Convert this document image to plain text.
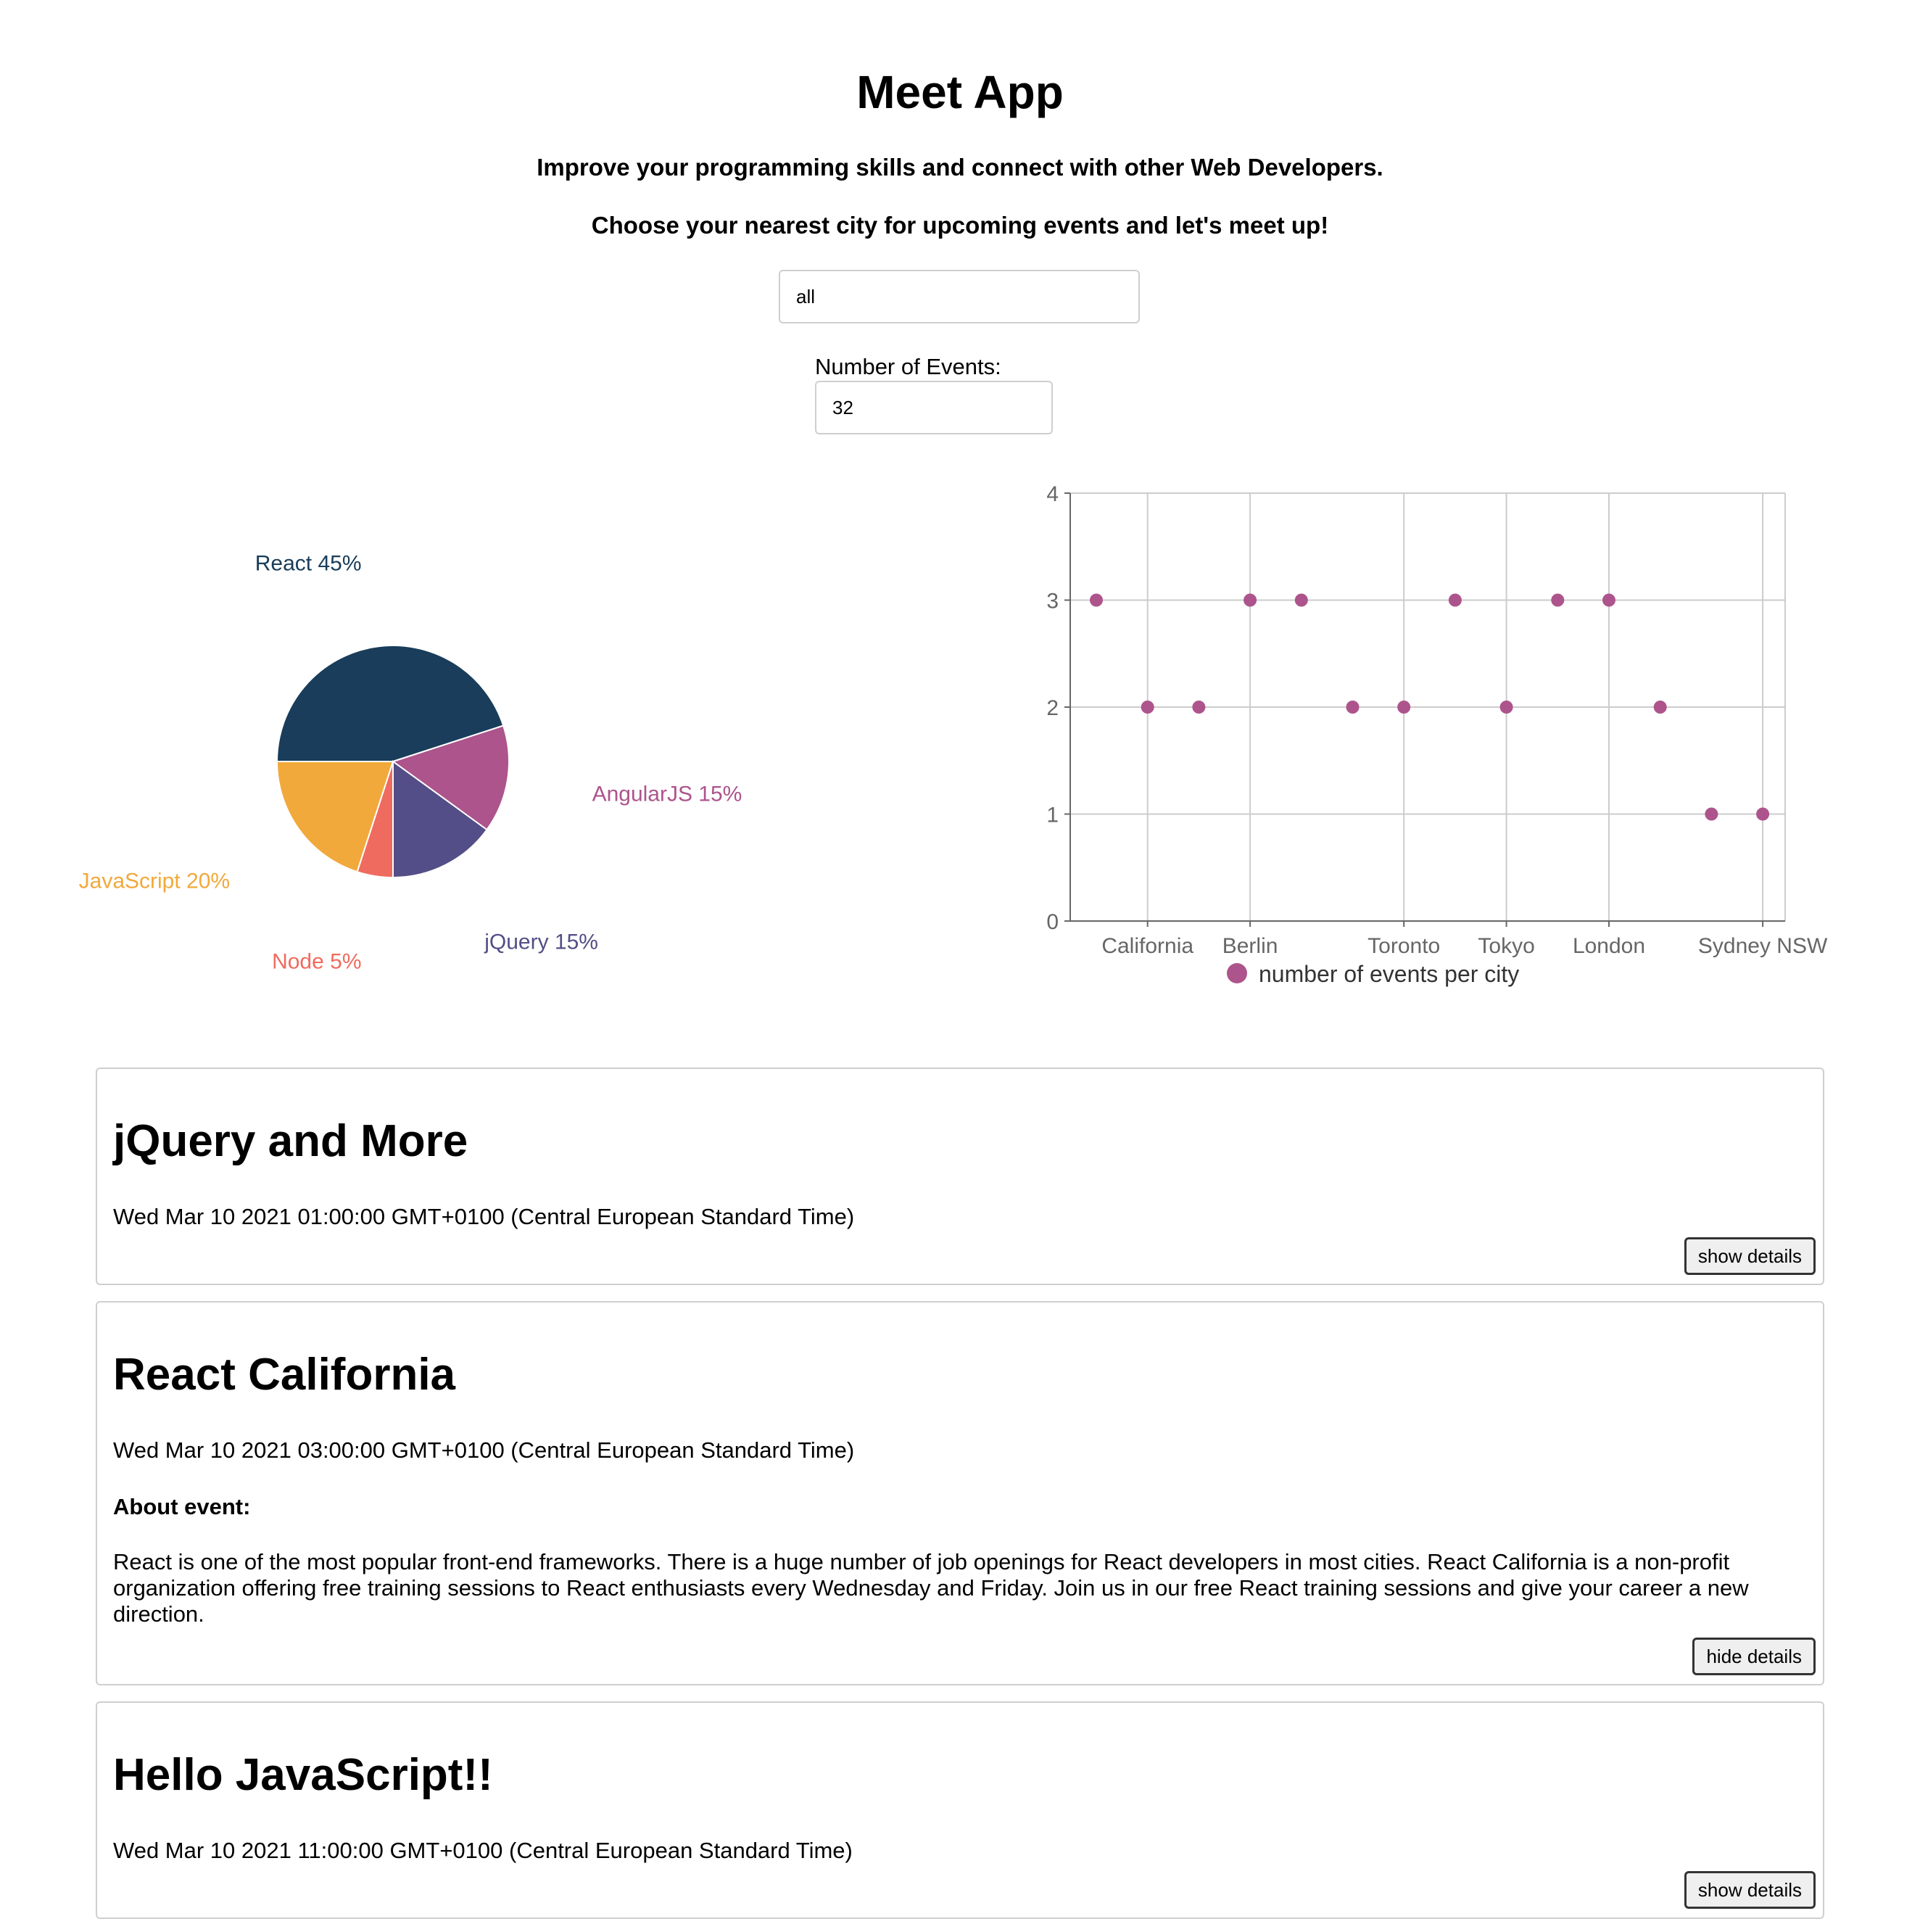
Meet App

Improve your programming skills and connect with other Web Developers.

Choose your nearest city for upcoming events and let's meet up!

all
Number of Events:
32
React 45%
AngularJS 15%
jQuery 15%
Node 5%
JavaScript 20%
0
1
2
3
4
California Berlin	Toronto Tokyo London Sydney NSW
number of events per city
jQuery and More
Wed Mar 10 2021 01:00:00 GMT+0100 (Central European Standard Time)
show details
React California
Wed Mar 10 2021 03:00:00 GMT+0100 (Central European Standard Time)
About event:
React is one of the most popular front-end frameworks. There is a huge number of job openings for React developers in most cities. React California is a non-profit organization offering free training sessions to React enthusiasts every Wednesday and Friday. Join us in our free React training sessions and give your career a new direction.
hide details
Hello JavaScript!!
Wed Mar 10 2021 11:00:00 GMT+0100 (Central European Standard Time)
show details
